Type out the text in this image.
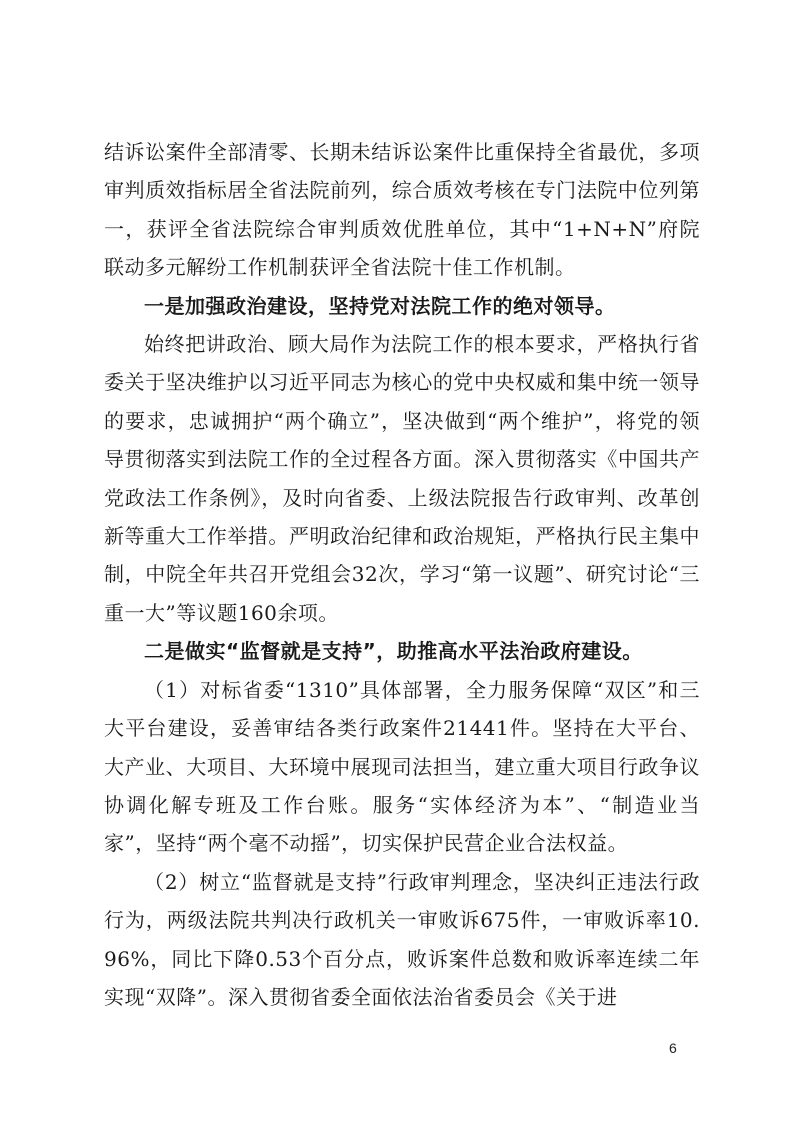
结诉讼案件全部清零、长期未结诉讼案件比重保持全省最优，多项审判质效指标居全省法院前列，综合质效考核在专门法院中位列第一，获评全省法院综合审判质效优胜单位，其中“1+N+N”府院联动多元解纷工作机制获评全省法院十佳工作机制。

一是加强政治建设，坚持党对法院工作的绝对领导。

始终把讲政治、顾大局作为法院工作的根本要求，严格执行省委关于坚决维护以习近平同志为核心的党中央权威和集中统一领导的要求，忠诚拥护“两个确立”，坚决做到“两个维护”，将党的领导贯彻落实到法院工作的全过程各方面。深入贯彻落实《中国共产党政法工作条例》，及时向省委、上级法院报告行政审判、改革创新等重大工作举措。严明政治纪律和政治规矩，严格执行民主集中制，中院全年共召开党组会32次，学习“第一议题”、研究讨论“三重一大”等议题160余项。

二是做实“监督就是支持”，助推高水平法治政府建设。

（1）对标省委“1310”具体部署，全力服务保障“双区”和三大平台建设，妥善审结各类行政案件21441件。坚持在大平台、大产业、大项目、大环境中展现司法担当，建立重大项目行政争议协调化解专班及工作台账。服务“实体经济为本”、“制造业当家”，坚持“两个毫不动摇”，切实保护民营企业合法权益。

（2）树立“监督就是支持”行政审判理念，坚决纠正违法行政行为，两级法院共判决行政机关一审败诉675件，一审败诉率10.96%，同比下降0.53个百分点，败诉案件总数和败诉率连续二年实现“双降”。深入贯彻省委全面依法治省委员会《关于进

6
